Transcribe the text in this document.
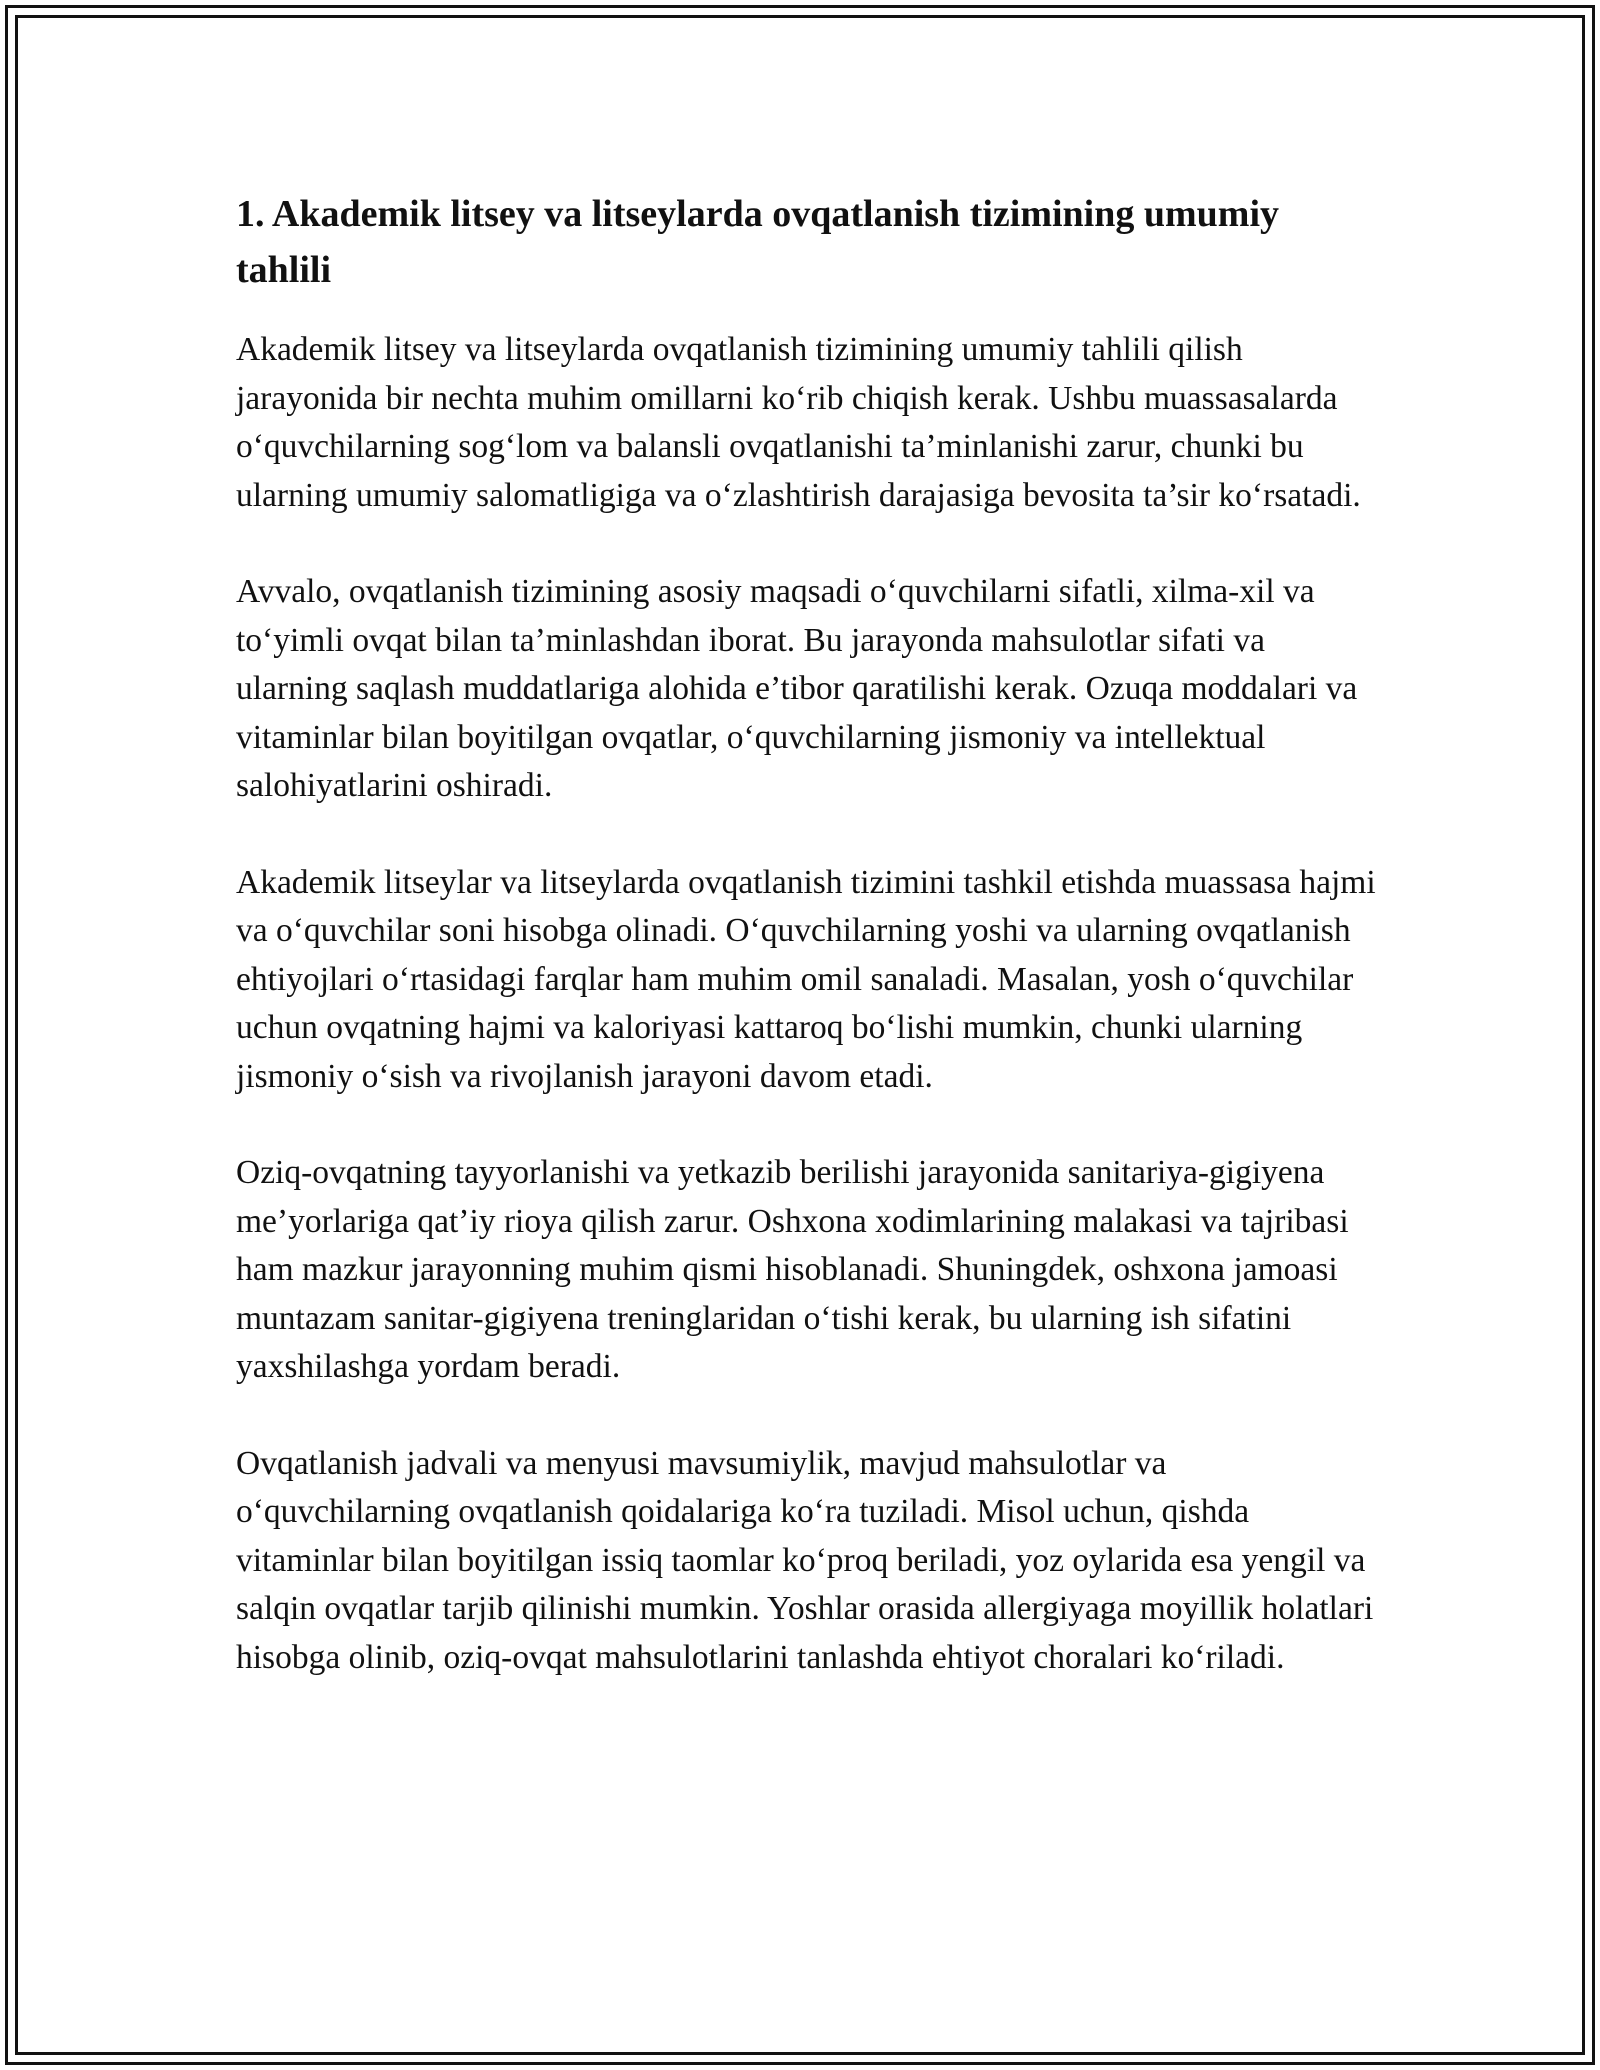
1. Akademik litsey va litseylarda ovqatlanish tizimining umumiy tahlili

Akademik litsey va litseylarda ovqatlanish tizimining umumiy tahlili qilish jarayonida bir nechta muhim omillarni ko‘rib chiqish kerak. Ushbu muassasalarda o‘quvchilarning sog‘lom va balansli ovqatlanishi ta’minlanishi zarur, chunki bu ularning umumiy salomatligiga va o‘zlashtirish darajasiga bevosita ta’sir ko‘rsatadi.

Avvalo, ovqatlanish tizimining asosiy maqsadi o‘quvchilarni sifatli, xilma-xil va to‘yimli ovqat bilan ta’minlashdan iborat. Bu jarayonda mahsulotlar sifati va ularning saqlash muddatlariga alohida e’tibor qaratilishi kerak. Ozuqa moddalari va vitaminlar bilan boyitilgan ovqatlar, o‘quvchilarning jismoniy va intellektual salohiyatlarini oshiradi.

Akademik litseylar va litseylarda ovqatlanish tizimini tashkil etishda muassasa hajmi va o‘quvchilar soni hisobga olinadi. O‘quvchilarning yoshi va ularning ovqatlanish ehtiyojlari o‘rtasidagi farqlar ham muhim omil sanaladi. Masalan, yosh o‘quvchilar uchun ovqatning hajmi va kaloriyasi kattaroq bo‘lishi mumkin, chunki ularning jismoniy o‘sish va rivojlanish jarayoni davom etadi.

Oziq-ovqatning tayyorlanishi va yetkazib berilishi jarayonida sanitariya-gigiyena me’yorlariga qat’iy rioya qilish zarur. Oshxona xodimlarining malakasi va tajribasi ham mazkur jarayonning muhim qismi hisoblanadi. Shuningdek, oshxona jamoasi muntazam sanitar-gigiyena treninglaridan o‘tishi kerak, bu ularning ish sifatini yaxshilashga yordam beradi.

Ovqatlanish jadvali va menyusi mavsumiylik, mavjud mahsulotlar va o‘quvchilarning ovqatlanish qoidalariga ko‘ra tuziladi. Misol uchun, qishda vitaminlar bilan boyitilgan issiq taomlar ko‘proq beriladi, yoz oylarida esa yengil va salqin ovqatlar tarjib qilinishi mumkin. Yoshlar orasida allergiyaga moyillik holatlari hisobga olinib, oziq-ovqat mahsulotlarini tanlashda ehtiyot choralari ko‘riladi.
